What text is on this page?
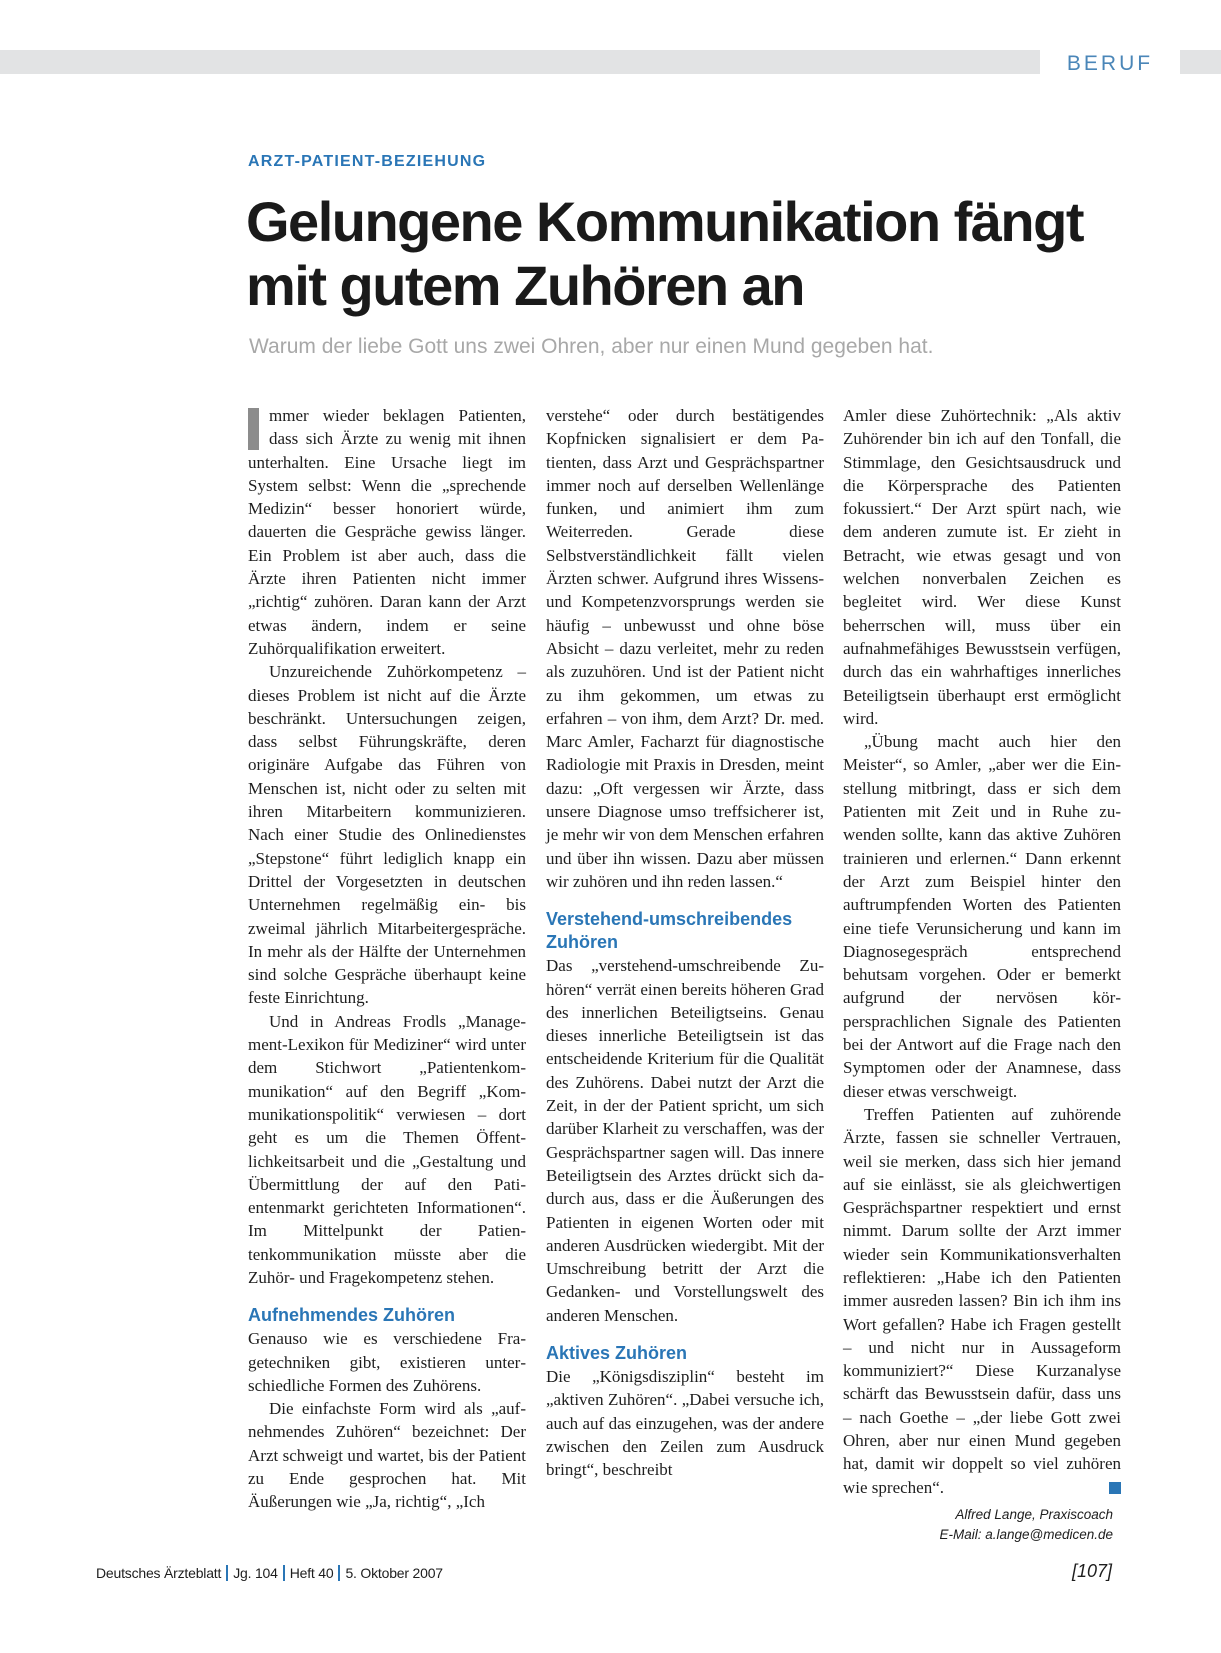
BERUF
ARZT-PATIENT-BEZIEHUNG
Gelungene Kommunikation fängt
mit gutem Zuhören an
Warum der liebe Gott uns zwei Ohren, aber nur einen Mund gegeben hat.

mmer wieder beklagen Patienten, dass sich Ärzte zu wenig mit ihnen unterhalten. Eine Ursache liegt im System selbst: Wenn die „sprechende Medizin“ besser honoriert würde, dauerten die Gespräche gewiss länger. Ein Problem ist aber auch, dass die Ärzte ihren Patienten nicht immer „richtig“ zuhören. Daran kann der Arzt etwas ändern, indem er seine Zuhörqualifikation erweitert.

Unzureichende Zuhörkompetenz – dieses Problem ist nicht auf die Ärzte beschränkt. Untersuchungen zeigen, dass selbst Führungskräfte, deren originäre Aufgabe das Führen von Menschen ist, nicht oder zu selten mit ihren Mitarbeitern kommunizieren. Nach einer Studie des Onlinedienstes „Stepstone“ führt lediglich knapp ein Drittel der Vorgesetzten in deutschen Unternehmen regelmäßig ein- bis zweimal jährlich Mitarbeitergespräche. In mehr als der Hälfte der Unternehmen sind solche Gespräche überhaupt keine feste Einrichtung.

Und in Andreas Frodls „Management-Lexikon für Mediziner“ wird unter dem Stichwort „Patientenkommunikation“ auf den Begriff „Kommunikationspolitik“ verwiesen – dort geht es um die Themen Öffentlichkeitsarbeit und die „Gestaltung und Übermittlung der auf den Patientenmarkt gerichteten Informationen“. Im Mittelpunkt der Patientenkommunikation müsste aber die Zuhör- und Fragekompetenz stehen.

Aufnehmendes Zuhören

Genauso wie es verschiedene Fragetechniken gibt, existieren unterschiedliche Formen des Zuhörens.

Die einfachste Form wird als „aufnehmendes Zuhören“ bezeichnet: Der Arzt schweigt und wartet, bis der Patient zu Ende gesprochen hat. Mit Äußerungen wie „Ja, richtig“, „Ich

verstehe“ oder durch bestätigendes Kopfnicken signalisiert er dem Patienten, dass Arzt und Gesprächspartner immer noch auf derselben Wellenlänge funken, und animiert ihm zum Weiterreden. Gerade diese Selbstverständlichkeit fällt vielen Ärzten schwer. Aufgrund ihres Wissens- und Kompetenzvorsprungs werden sie häufig – unbewusst und ohne böse Absicht – dazu verleitet, mehr zu reden als zuzuhören. Und ist der Patient nicht zu ihm gekommen, um etwas zu erfahren – von ihm, dem Arzt? Dr. med. Marc Amler, Facharzt für diagnostische Radiologie mit Praxis in Dresden, meint dazu: „Oft vergessen wir Ärzte, dass unsere Diagnose umso treffsicherer ist, je mehr wir von dem Menschen erfahren und über ihn wissen. Dazu aber müssen wir zuhören und ihn reden lassen.“

Verstehend-umschreibendes Zuhören

Das „verstehend-umschreibende Zuhören“ verrät einen bereits höheren Grad des innerlichen Beteiligtseins. Genau dieses innerliche Beteiligtsein ist das entscheidende Kriterium für die Qualität des Zuhörens. Dabei nutzt der Arzt die Zeit, in der der Patient spricht, um sich darüber Klarheit zu verschaffen, was der Gesprächspartner sagen will. Das innere Beteiligtsein des Arztes drückt sich dadurch aus, dass er die Äußerungen des Patienten in eigenen Worten oder mit anderen Ausdrücken wiedergibt. Mit der Umschreibung betritt der Arzt die Gedanken- und Vorstellungswelt des anderen Menschen.

Aktives Zuhören

Die „Königsdisziplin“ besteht im „aktiven Zuhören“. „Dabei versuche ich, auch auf das einzugehen, was der andere zwischen den Zeilen zum Ausdruck bringt“, beschreibt

Amler diese Zuhörtechnik: „Als aktiv Zuhörender bin ich auf den Tonfall, die Stimmlage, den Gesichtsausdruck und die Körpersprache des Patienten fokussiert.“ Der Arzt spürt nach, wie dem anderen zumute ist. Er zieht in Betracht, wie etwas gesagt und von welchen nonverbalen Zeichen es begleitet wird. Wer diese Kunst beherrschen will, muss über ein aufnahmefähiges Bewusstsein verfügen, durch das ein wahrhaftiges innerliches Beteiligtsein überhaupt erst ermöglicht wird.

„Übung macht auch hier den Meister“, so Amler, „aber wer die Einstellung mitbringt, dass er sich dem Patienten mit Zeit und in Ruhe zuwenden sollte, kann das aktive Zuhören trainieren und erlernen.“ Dann erkennt der Arzt zum Beispiel hinter den auftrumpfenden Worten des Patienten eine tiefe Verunsicherung und kann im Diagnosegespräch entsprechend behutsam vorgehen. Oder er bemerkt aufgrund der nervösen körpersprachlichen Signale des Patienten bei der Antwort auf die Frage nach den Symptomen oder der Anamnese, dass dieser etwas verschweigt.

Treffen Patienten auf zuhörende Ärzte, fassen sie schneller Vertrauen, weil sie merken, dass sich hier jemand auf sie einlässt, sie als gleichwertigen Gesprächspartner respektiert und ernst nimmt. Darum sollte der Arzt immer wieder sein Kommunikationsverhalten reflektieren: „Habe ich den Patienten immer ausreden lassen? Bin ich ihm ins Wort gefallen? Habe ich Fragen gestellt – und nicht nur in Aussageform kommuniziert?“ Diese Kurzanalyse schärft das Bewusstsein dafür, dass uns – nach Goethe – „der liebe Gott zwei Ohren, aber nur einen Mund gegeben hat, damit wir doppelt so viel zuhören wie sprechen“.

Alfred Lange, Praxiscoach
E-Mail: a.lange@medicen.de
Deutsches Ärzteblatt Jg. 104 Heft 40 5. Oktober 2007	[107]
